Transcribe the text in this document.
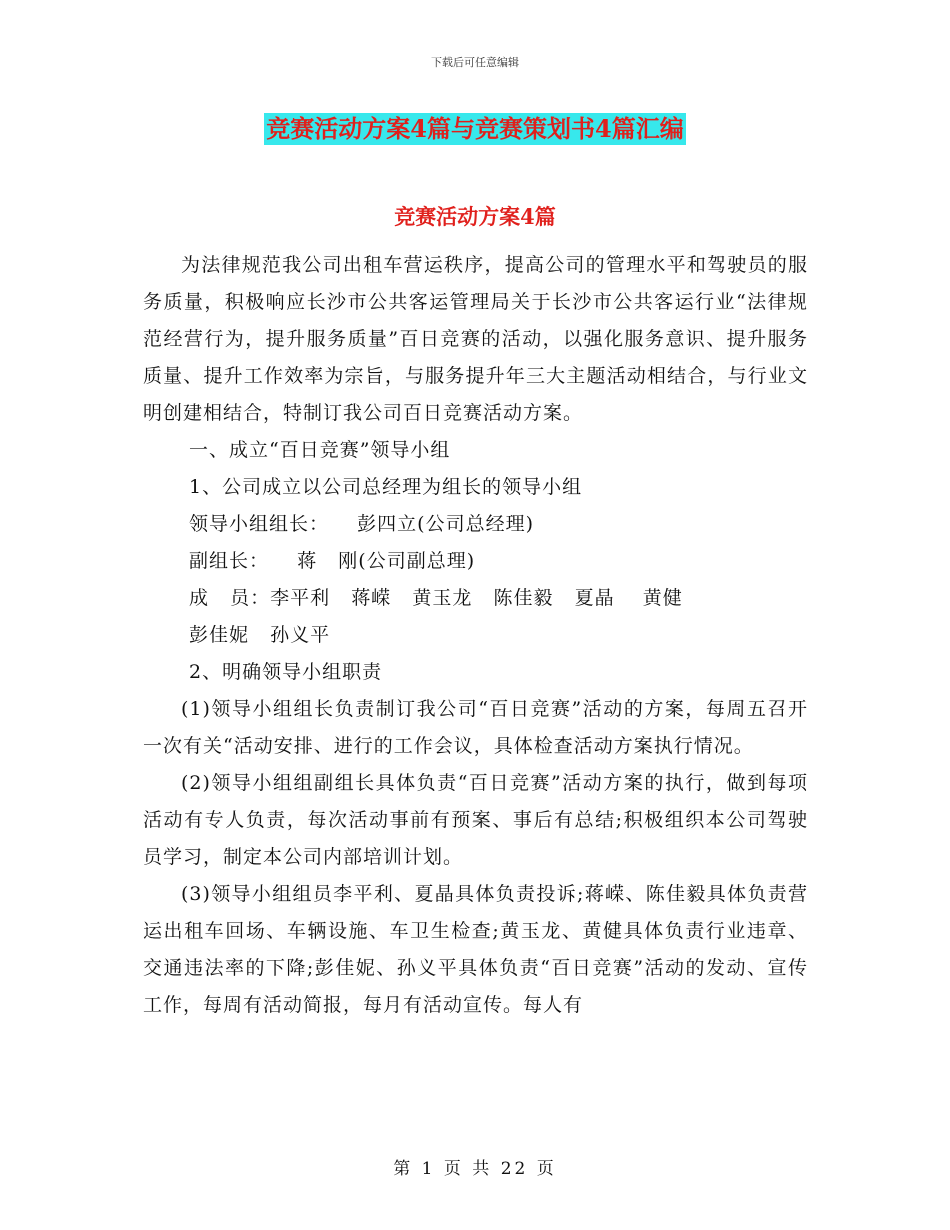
下载后可任意编辑
竞赛活动方案4篇与竞赛策划书4篇汇编
竞赛活动方案4篇

为法律规范我公司出租车营运秩序，提高公司的管理水平和驾驶员的服务质量，积极响应长沙市公共客运管理局关于长沙市公共客运行业“法律规范经营行为，提升服务质量”百日竞赛的活动，以强化服务意识、提升服务质量、提升工作效率为宗旨，与服务提升年三大主题活动相结合，与行业文明创建相结合，特制订我公司百日竞赛活动方案。

一、成立“百日竞赛”领导小组
1、公司成立以公司总经理为组长的领导小组
领导小组组长：    彭四立(公司总经理)
副组长：    蒋   刚(公司副总理)
成   员：李平利   蒋嵘   黄玉龙   陈佳毅   夏晶    黄健
彭佳妮   孙义平
2、明确领导小组职责

(1)领导小组组长负责制订我公司“百日竞赛”活动的方案，每周五召开一次有关“活动安排、进行的工作会议，具体检查活动方案执行情况。

(2)领导小组组副组长具体负责“百日竞赛”活动方案的执行，做到每项活动有专人负责，每次活动事前有预案、事后有总结;积极组织本公司驾驶员学习，制定本公司内部培训计划。

(3)领导小组组员李平利、夏晶具体负责投诉;蒋嵘、陈佳毅具体负责营运出租车回场、车辆设施、车卫生检查;黄玉龙、黄健具体负责行业违章、交通违法率的下降;彭佳妮、孙义平具体负责“百日竞赛”活动的发动、宣传工作，每周有活动简报，每月有活动宣传。每人有

第 1 页 共 22 页
